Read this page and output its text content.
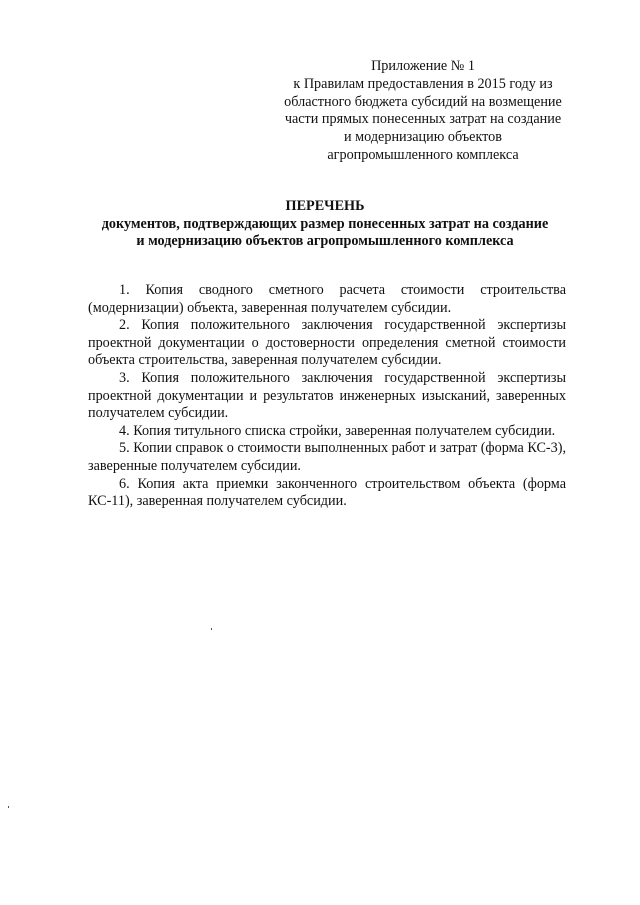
Приложение № 1
к Правилам предоставления в 2015 году из
областного бюджета субсидий на возмещение
части прямых понесенных затрат на создание
и модернизацию объектов
агропромышленного комплекса
ПЕРЕЧЕНЬ
документов, подтверждающих размер понесенных затрат на создание
и модернизацию объектов агропромышленного комплекса

1. Копия сводного сметного расчета стоимости строительства (модернизации) объекта, заверенная получателем субсидии.

2. Копия положительного заключения государственной экспертизы проектной документации о достоверности определения сметной стоимости объекта строительства, заверенная получателем субсидии.

3. Копия положительного заключения государственной экспертизы проектной документации и результатов инженерных изысканий, заверенных получателем субсидии.

4. Копия титульного списка стройки, заверенная получателем субсидии.

5. Копии справок о стоимости выполненных работ и затрат (форма КС-3), заверенные получателем субсидии.

6. Копия акта приемки законченного строительством объекта (форма КС-11), заверенная получателем субсидии.
